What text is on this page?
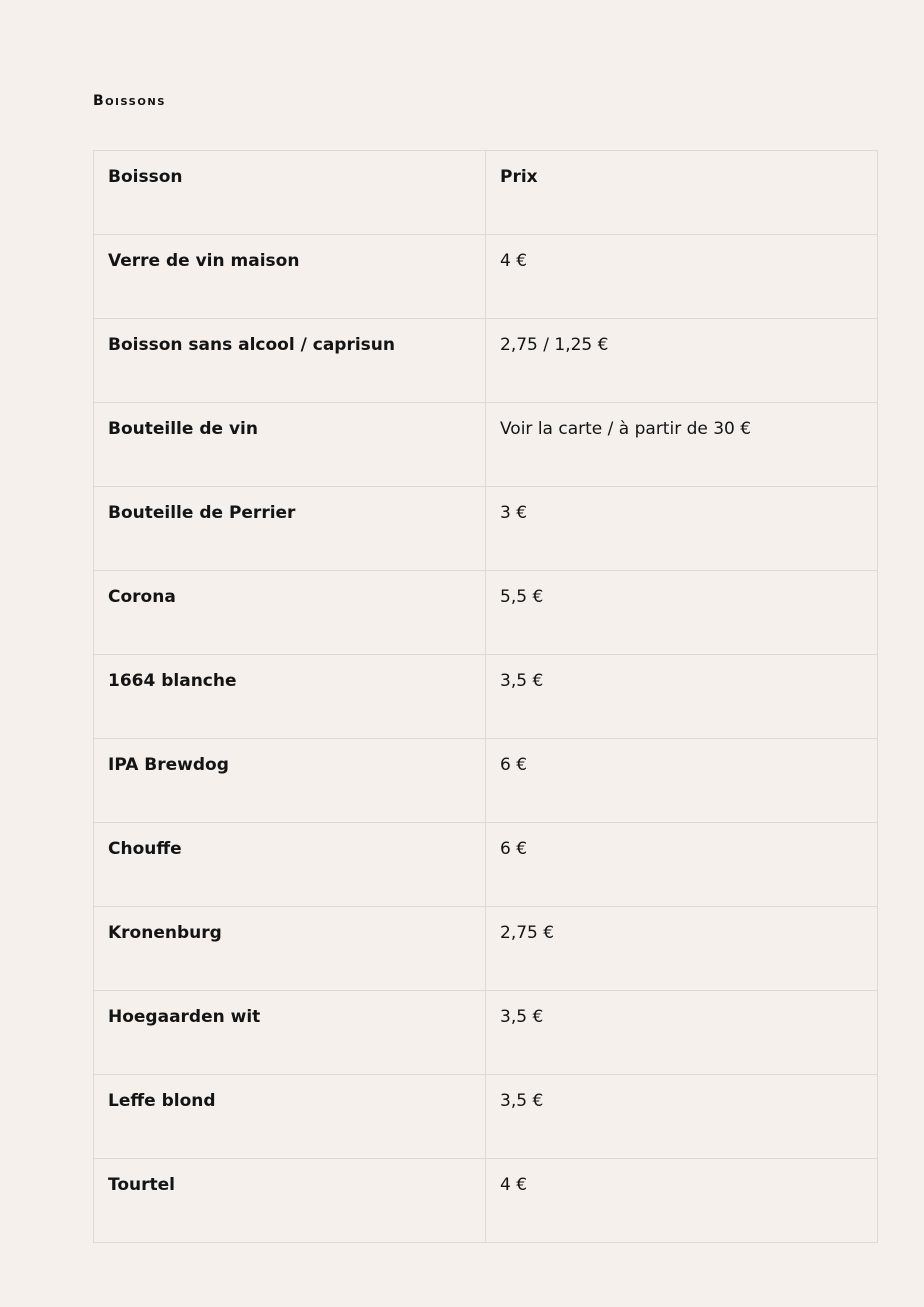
Boissons
Boisson	Prix
Verre de vin maison	4 €
Boisson sans alcool / caprisun	2,75 / 1,25 €
Bouteille de vin	Voir la carte / à partir de 30 €
Bouteille de Perrier	3 €
Corona	5,5 €
1664 blanche	3,5 €
IPA Brewdog	6 €
Chouffe	6 €
Kronenburg	2,75 €
Hoegaarden wit	3,5 €
Leffe blond	3,5 €
Tourtel	4 €
